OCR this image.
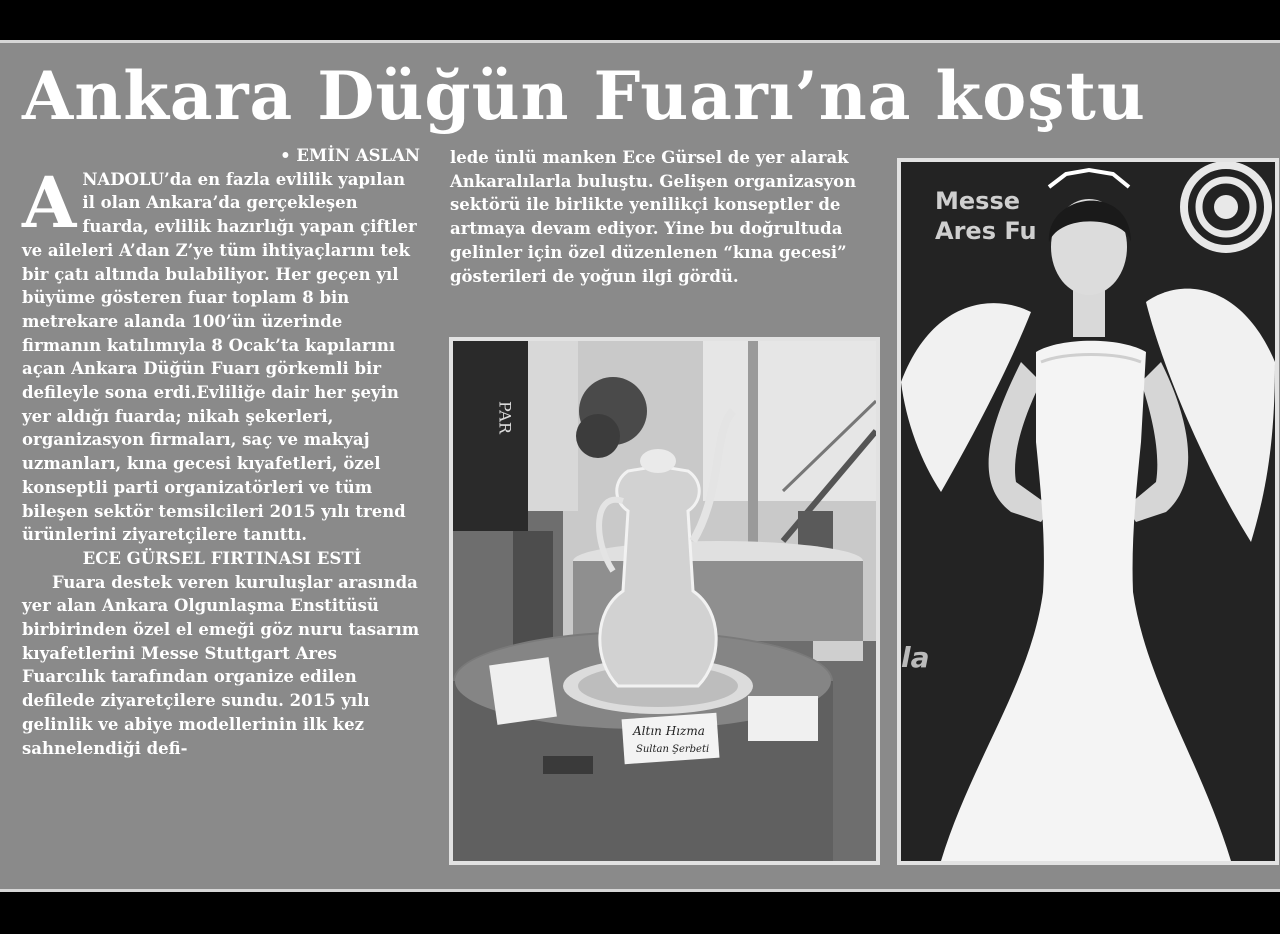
Ankara Düğün Fuarı’na koştu

• EMİN ASLAN

ANADOLU’da en fazla evlilik yapılan il olan Ankara’da gerçekleşen fuarda, evlilik hazırlığı yapan çiftler ve aileleri A’dan Z’ye tüm ihtiyaçlarını tek bir çatı altında bulabiliyor. Her geçen yıl büyüme gösteren fuar toplam 8 bin metrekare alanda 100’ün üzerinde firmanın katılımıyla 8 Ocak’ta kapılarını açan Ankara Düğün Fuarı görkemli bir defileyle sona erdi.Evliliğe dair her şeyin yer aldığı fuarda; nikah şekerleri, organizasyon firmaları, saç ve makyaj uzmanları, kına gecesi kıyafetleri, özel konseptli parti organizatörleri ve tüm bileşen sektör temsilcileri 2015 yılı trend ürünlerini ziyaretçilere tanıttı.

ECE GÜRSEL FIRTINASI ESTİ

Fuara destek veren kuruluşlar arasında yer alan Ankara Olgunlaşma Enstitüsü birbirinden özel el emeği göz nuru tasarım kıyafetlerini Messe Stuttgart Ares Fuarcılık tarafından organize edilen defilede ziyaretçilere sundu. 2015 yılı gelinlik ve abiye modellerinin ilk kez sahnelendiği defi-

lede ünlü manken Ece Gürsel de yer alarak Ankaralılarla buluştu. Gelişen organizasyon sektörü ile birlikte yenilikçi konseptler de artmaya devam ediyor. Yine bu doğrultuda gelinler için özel düzenlenen “kına gecesi” gösterileri de yoğun ilgi gördü.

PAR
Altın Hızma
Sultan Şerbeti
Messe
Ares Fu
la
